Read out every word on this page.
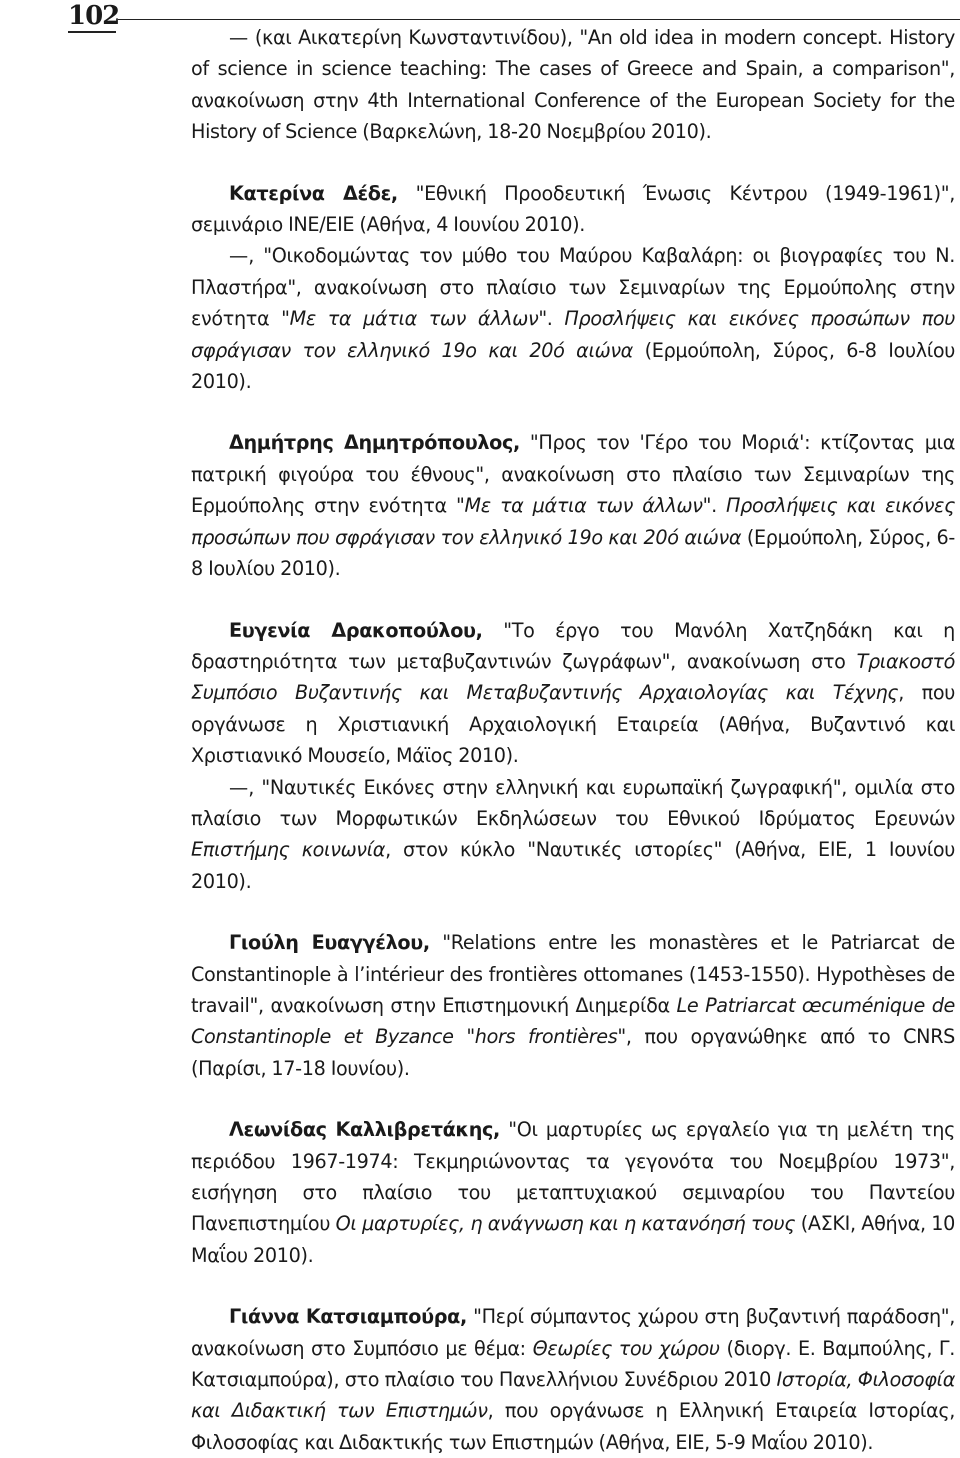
102

— (και Αικατερίνη Κωνσταντινίδου), "An old idea in modern concept. History of science in science teaching: The cases of Greece and Spain, a comparison", ανακοίνωση στην 4th International Conference of the European Society for the History of Science (Βαρκελώνη, 18-20 Νοεμβρίου 2010).

Κατερίνα Δέδε, "Εθνική Προοδευτική Ένωσις Κέντρου (1949-1961)", σεμινάριο ΙΝΕ/ΕΙΕ (Αθήνα, 4 Ιουνίου 2010).

—, "Οικοδομώντας τον μύθο του Μαύρου Καβαλάρη: οι βιογραφίες του Ν. Πλαστήρα", ανακοίνωση στο πλαίσιο των Σεμιναρίων της Ερμούπολης στην ενότητα "Με τα μάτια των άλλων". Προσλήψεις και εικόνες προσώπων που σφράγισαν τον ελληνικό 19ο και 20ό αιώνα (Ερμούπολη, Σύρος, 6-8 Ιουλίου 2010).

Δημήτρης Δημητρόπουλος, "Προς τον 'Γέρο του Μοριά': κτίζοντας μια πατρική φιγούρα του έθνους", ανακοίνωση στο πλαίσιο των Σεμιναρίων της Ερμούπολης στην ενότητα "Με τα μάτια των άλλων". Προσλήψεις και εικόνες προσώπων που σφράγισαν τον ελληνικό 19ο και 20ό αιώνα (Ερμούπολη, Σύρος, 6-8 Ιουλίου 2010).

Ευγενία Δρακοπούλου, "Το έργο του Μανόλη Χατζηδάκη και η δραστηριότητα των μεταβυζαντινών ζωγράφων", ανακοίνωση στο Τριακοστό Συμπόσιο Βυζαντινής και Μεταβυζαντινής Αρχαιολογίας και Τέχνης, που οργάνωσε η Χριστιανική Αρχαιολογική Εταιρεία (Αθήνα, Βυζαντινό και Χριστιανικό Μουσείο, Μάϊος 2010).

—, "Ναυτικές Εικόνες στην ελληνική και ευρωπαϊκή ζωγραφική", ομιλία στο πλαίσιο των Μορφωτικών Εκδηλώσεων του Εθνικού Ιδρύματος Ερευνών Επιστήμης κοινωνία, στον κύκλο "Ναυτικές ιστορίες" (Αθήνα, ΕΙΕ, 1 Ιουνίου 2010).

Γιούλη Ευαγγέλου, "Relations entre les monastères et le Patriarcat de Constantinople à l’intérieur des frontières ottomanes (1453-1550). Hypothèses de travail", ανακοίνωση στην Επιστημονική Διημερίδα Le Patriarcat œcuménique de Constantinople et Byzance "hors frontières", που οργανώθηκε από το CNRS (Παρίσι, 17-18 Ιουνίου).

Λεωνίδας Καλλιβρετάκης, "Οι μαρτυρίες ως εργαλείο για τη μελέτη της περιόδου 1967-1974: Τεκμηριώνοντας τα γεγονότα του Νοεμβρίου 1973", εισήγηση στο πλαίσιο του μεταπτυχιακού σεμιναρίου του Παντείου Πανεπιστημίου Οι μαρτυρίες, η ανάγνωση και η κατανόησή τους (ΑΣΚΙ, Αθήνα, 10 Μαΐου 2010).

Γιάννα Κατσιαμπούρα, "Περί σύμπαντος χώρου στη βυζαντινή παράδοση", ανακοίνωση στο Συμπόσιο με θέμα: Θεωρίες του χώρου (διοργ. Ε. Βαμπούλης, Γ. Κατσιαμπούρα), στο πλαίσιο του Πανελλήνιου Συνέδριου 2010 Ιστορία, Φιλοσοφία και Διδακτική των Επιστημών, που οργάνωσε η Ελληνική Εταιρεία Ιστορίας, Φιλοσοφίας και Διδακτικής των Επιστημών (Αθήνα, ΕΙΕ, 5-9 Μαΐου 2010).
